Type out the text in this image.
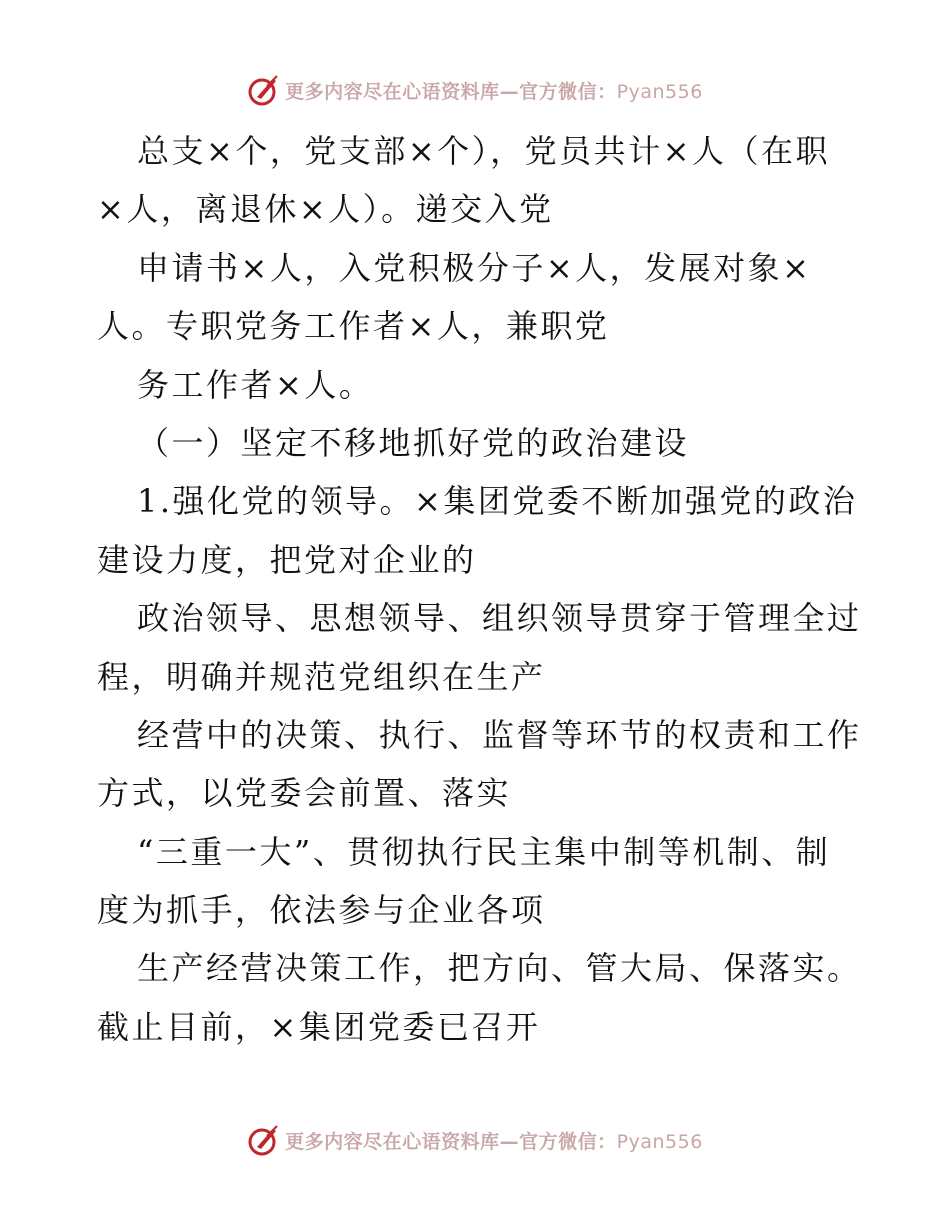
更多内容尽在心语资料库—官方微信：Pyan556
总支×个，党支部×个），党员共计×人（在职
×人，离退休×人）。递交入党
申请书×人，入党积极分子×人，发展对象×
人。专职党务工作者×人，兼职党
务工作者×人。
（一）坚定不移地抓好党的政治建设
1.强化党的领导。×集团党委不断加强党的政治
建设力度，把党对企业的
政治领导、思想领导、组织领导贯穿于管理全过
程，明确并规范党组织在生产
经营中的决策、执行、监督等环节的权责和工作
方式，以党委会前置、落实
“三重一大”、贯彻执行民主集中制等机制、制
度为抓手，依法参与企业各项
生产经营决策工作，把方向、管大局、保落实。
截止目前，×集团党委已召开
更多内容尽在心语资料库—官方微信：Pyan556
